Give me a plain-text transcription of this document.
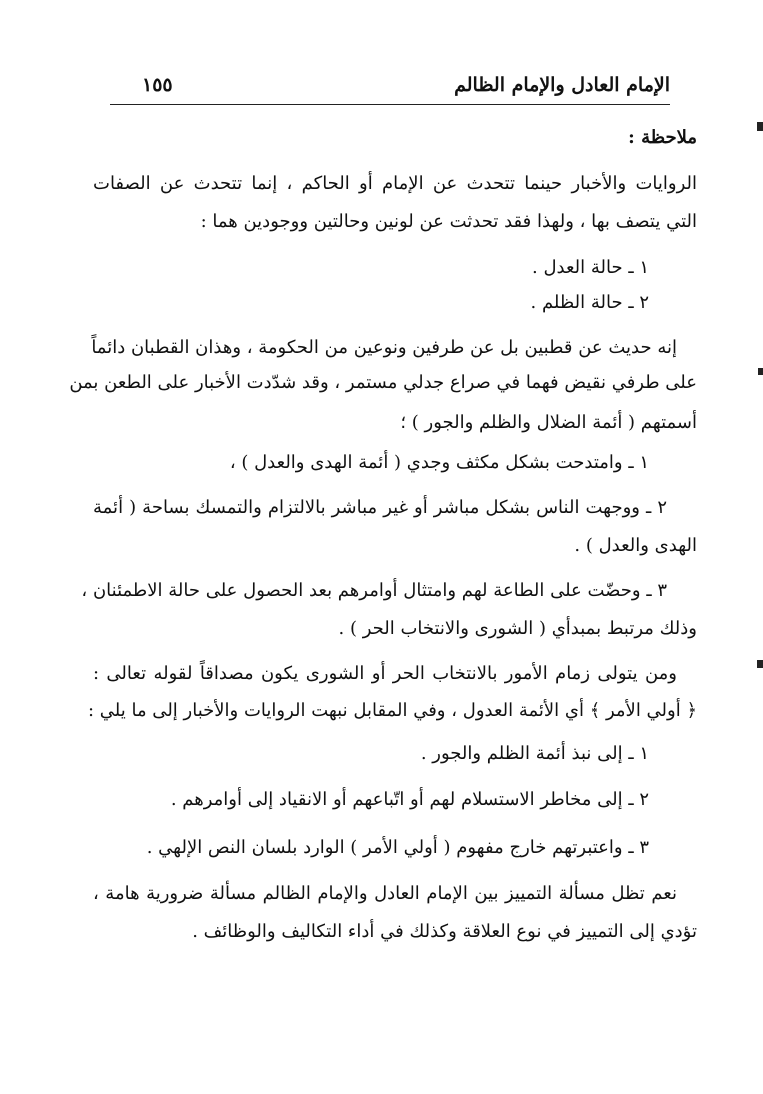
الإمام العادل والإمام الظالم
١٥٥
ملاحظة :
الروايات والأخبار حينما تتحدث عن الإمام أو الحاكم ، إنما تتحدث عن الصفات
التي يتصف بها ، ولهذا فقد تحدثت عن لونين وحالتين ووجودين هما :
١ ـ حالة العدل .
٢ ـ حالة الظلم .
إنه حديث عن قطبين بل عن طرفين ونوعين من الحكومة ، وهذان القطبان دائماً
على طرفي نقيض فهما في صراع جدلي مستمر ، وقد شدّدت الأخبار على الطعن بمن
أسمتهم ( أئمة الضلال والظلم والجور ) ؛
١ ـ وامتدحت بشكل مكثف وجدي ( أئمة الهدى والعدل ) ،
٢ ـ ووجهت الناس بشكل مباشر أو غير مباشر بالالتزام والتمسك بساحة ( أئمة
الهدى والعدل ) .
٣ ـ وحضّت على الطاعة لهم وامتثال أوامرهم بعد الحصول على حالة الاطمئنان ،
وذلك مرتبط بمبدأي ( الشورى والانتخاب الحر ) .
ومن يتولى زمام الأمور بالانتخاب الحر أو الشورى يكون مصداقاً لقوله تعالى :
﴿ أولي الأمر ﴾ أي الأئمة العدول ، وفي المقابل نبهت الروايات والأخبار إلى ما يلي :
١ ـ إلى نبذ أئمة الظلم والجور .
٢ ـ إلى مخاطر الاستسلام لهم أو اتّباعهم أو الانقياد إلى أوامرهم .
٣ ـ واعتبرتهم خارج مفهوم ( أولي الأمر ) الوارد بلسان النص الإلهي .
نعم تظل مسألة التمييز بين الإمام العادل والإمام الظالم مسألة ضرورية هامة ،
تؤدي إلى التمييز في نوع العلاقة وكذلك في أداء التكاليف والوظائف .
